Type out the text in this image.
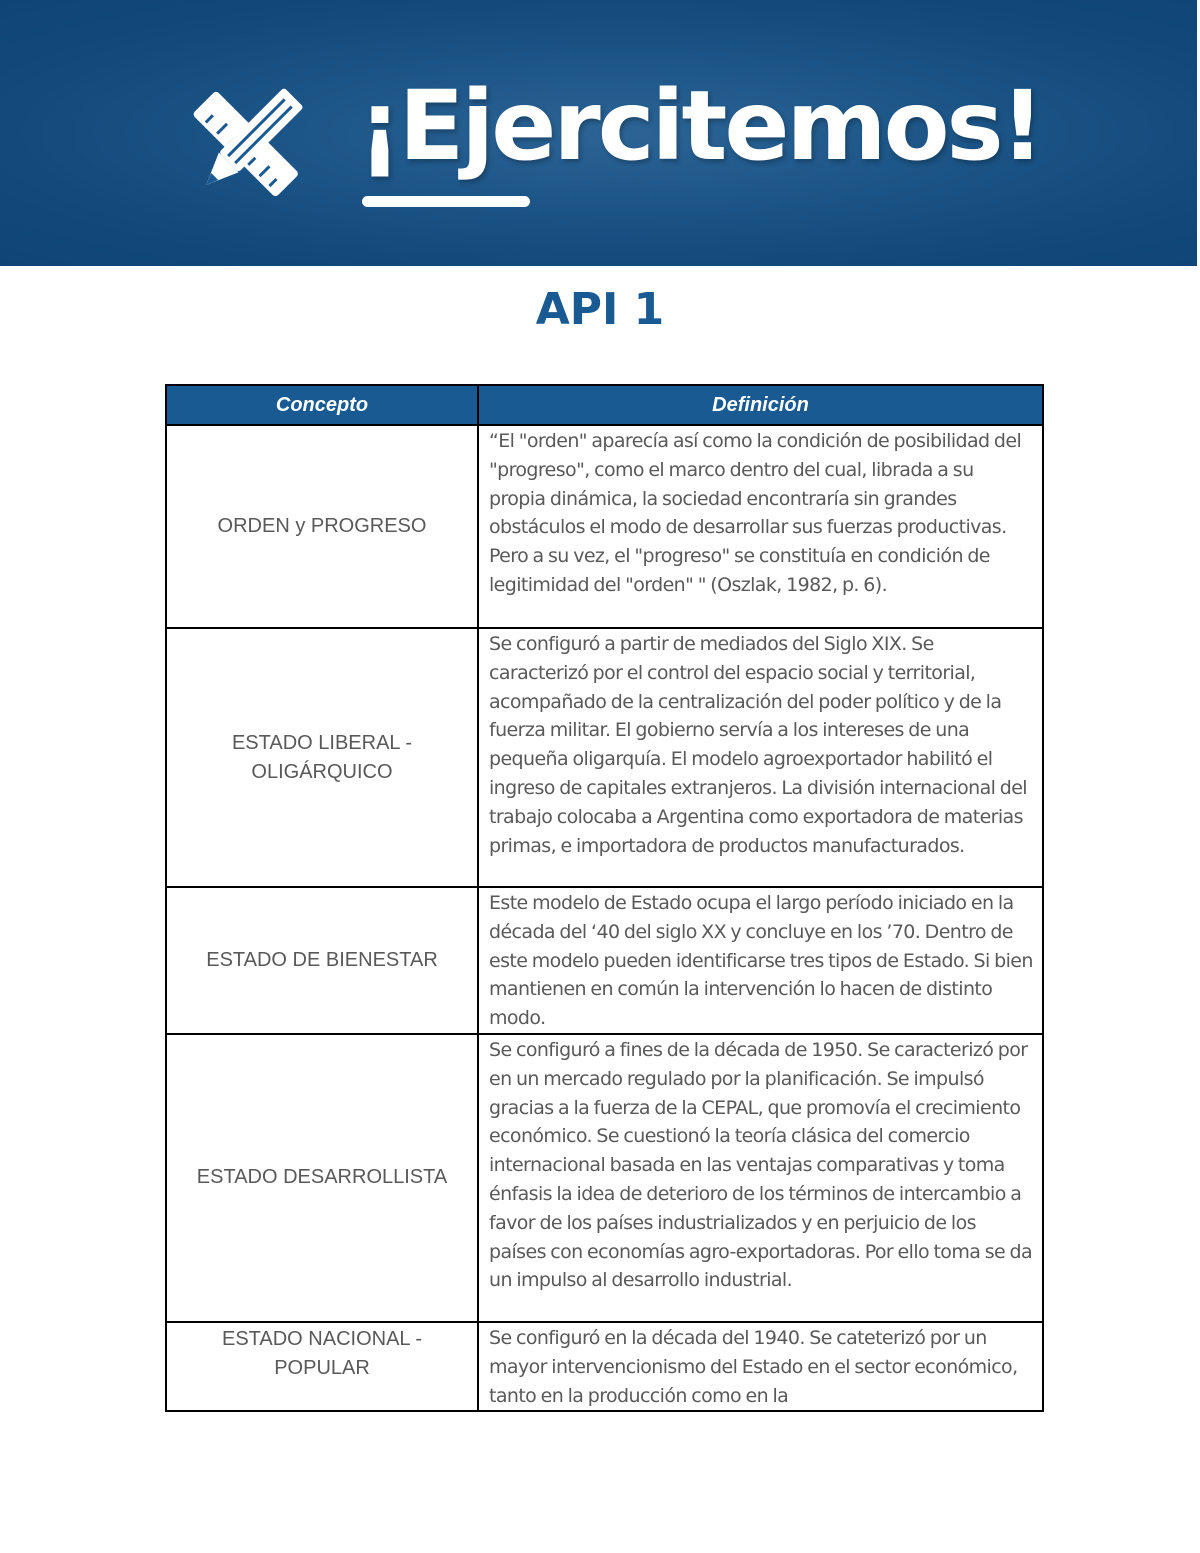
¡Ejercitemos!
API 1
Concepto	Definición
ORDEN y PROGRESO	“El "orden" aparecía así como la condición de posibilidad del "progreso", como el marco dentro del cual, librada a su propia dinámica, la sociedad encontraría sin grandes obstáculos el modo de desarrollar sus fuerzas productivas. Pero a su vez, el "progreso" se constituía en condición de legitimidad del "orden" " (Oszlak, 1982, p. 6).
ESTADO LIBERAL - OLIGÁRQUICO	Se configuró a partir de mediados del Siglo XIX. Se caracterizó por el control del espacio social y territorial, acompañado de la centralización del poder político y de la fuerza militar. El gobierno servía a los intereses de una pequeña oligarquía. El modelo agroexportador habilitó el ingreso de capitales extranjeros. La división internacional del trabajo colocaba a Argentina como exportadora de materias primas, e importadora de productos manufacturados.
ESTADO DE BIENESTAR	Este modelo de Estado ocupa el largo período iniciado en la década del ‘40 del siglo XX y concluye en los ’70. Dentro de este modelo pueden identificarse tres tipos de Estado. Si bien mantienen en común la intervención lo hacen de distinto modo.
ESTADO DESARROLLISTA	Se configuró a fines de la década de 1950. Se caracterizó por en un mercado regulado por la planificación. Se impulsó gracias a la fuerza de la CEPAL, que promovía el crecimiento económico. Se cuestionó la teoría clásica del comercio internacional basada en las ventajas comparativas y toma énfasis la idea de deterioro de los términos de intercambio a favor de los países industrializados y en perjuicio de los países con economías agro-exportadoras. Por ello toma se da un impulso al desarrollo industrial.
ESTADO NACIONAL - POPULAR	Se configuró en la década del 1940. Se cateterizó por un mayor intervencionismo del Estado en el sector económico, tanto en la producción como en la
